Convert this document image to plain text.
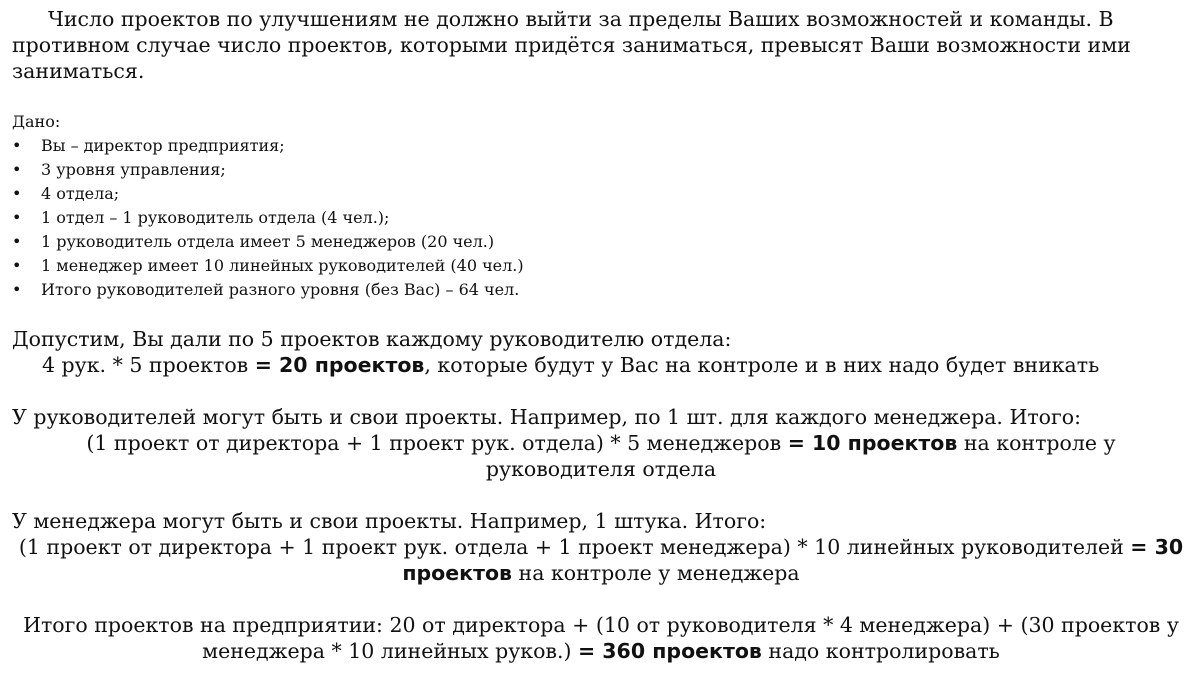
Число проектов по улучшениям не должно выйти за пределы Ваших возможностей и команды. В противном случае число проектов, которыми придётся заниматься, превысят Ваши возможности ими заниматься.

Дано:

• Вы – директор предприятия;
• 3 уровня управления;
• 4 отдела;
• 1 отдел – 1 руководитель отдела (4 чел.);
• 1 руководитель отдела имеет 5 менеджеров (20 чел.)
• 1 менеджер имеет 10 линейных руководителей (40 чел.)
• Итого руководителей разного уровня (без Вас) – 64 чел.

Допустим, Вы дали по 5 проектов каждому руководителю отдела:

4 рук. * 5 проектов = 20 проектов, которые будут у Вас на контроле и в них надо будет вникать

У руководителей могут быть и свои проекты. Например, по 1 шт. для каждого менеджера. Итого:

(1 проект от директора + 1 проект рук. отдела) * 5 менеджеров = 10 проектов на контроле у руководителя отдела

У менеджера могут быть и свои проекты. Например, 1 штука. Итого:

(1 проект от директора + 1 проект рук. отдела + 1 проект менеджера) * 10 линейных руководителей = 30 проектов на контроле у менеджера

Итого проектов на предприятии: 20 от директора + (10 от руководителя * 4 менеджера) + (30 проектов у менеджера * 10 линейных руков.) = 360 проектов надо контролировать
